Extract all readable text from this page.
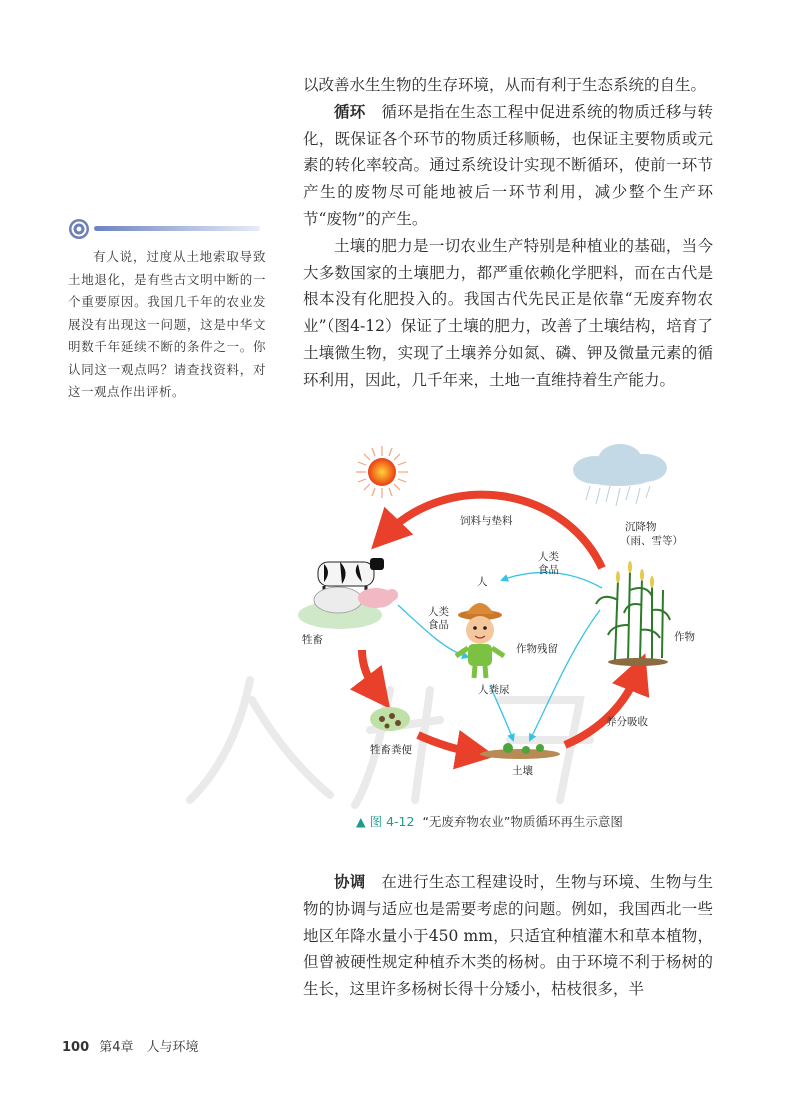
以改善水生生物的生存环境，从而有利于生态系统的自生。

循环　 循环是指在生态工程中促进系统的物质迁移与转化，既保证各个环节的物质迁移顺畅，也保证主要物质或元素的转化率较高。通过系统设计实现不断循环，使前一环节产生的废物尽可能地被后一环节利用，减少整个生产环节“废物”的产生。

土壤的肥力是一切农业生产特别是种植业的基础，当今大多数国家的土壤肥力，都严重依赖化学肥料，而在古代是根本没有化肥投入的。我国古代先民正是依靠“无废弃物农业”（图4-12）保证了土壤的肥力，改善了土壤结构，培育了土壤微生物，实现了土壤养分如氮、磷、钾及微量元素的循环利用，因此，几千年来，土地一直维持着生产能力。

有人说，过度从土地索取导致土地退化，是有些古文明中断的一个重要原因。我国几千年的农业发展没有出现这一问题，这是中华文明数千年延续不断的条件之一。你认同这一观点吗？请查找资料，对这一观点作出评析。
饲料与垫料	沉降物
（雨、雪等）
人
人类
食品
人类
食品
牲畜
作物残留
作物
人粪尿
养分吸收
牲畜粪便
土壤
▲ 图 4-12 “无废弃物农业”物质循环再生示意图

协调　 在进行生态工程建设时，生物与环境、生物与生物的协调与适应也是需要考虑的问题。例如，我国西北一些地区年降水量小于450 mm，只适宜种植灌木和草本植物，但曾被硬性规定种植乔木类的杨树。由于环境不利于杨树的生长，这里许多杨树长得十分矮小，枯枝很多，半

100 第4章　人与环境
